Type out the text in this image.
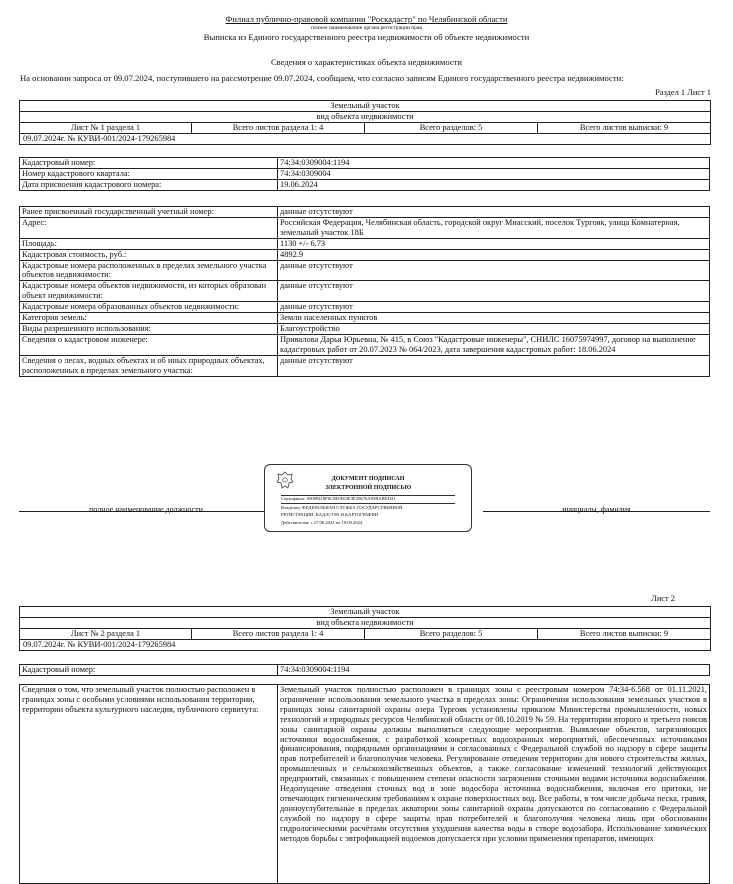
Филиал публично-правовой компании "Роскадастр" по Челябинской области
полное наименование органа регистрации прав
Выписка из Единого государственного реестра недвижимости об объекте недвижимости
Сведения о характеристиках объекта недвижимости
На основании запроса от 09.07.2024, поступившего на рассмотрение 09.07.2024, сообщаем, что согласно записям Единого государственного реестра недвижимости:
Раздел 1 Лист 1
Земельный участок
вид объекта недвижимости
Лист № 1 раздела 1	Всего листов раздела 1: 4	Всего разделов: 5	Всего листов выписки: 9
09.07.2024г. № КУВИ-001/2024-179265984
Кадастровый номер:	74:34:0309004:1194
Номер кадастрового квартала:	74:34:0309004
Дата присвоения кадастрового номера:	19.06.2024
Ранее присвоенный государственный учетный номер:	данные отсутствуют
Адрес:	Российская Федерация, Челябинская область, городской округ Миасский, поселок Тургояк, улица Комнатерная, земельный участок 18Б
Площадь:	1130 +/- 6.73
Кадастровая стоимость, руб.:	4892.9
Кадастровые номера расположенных в пределах земельного участка объектов недвижимости:	данные отсутствуют
Кадастровые номера объектов недвижимости, из которых образован объект недвижимости:	данные отсутствуют
Кадастровые номера образованных объектов недвижимости:	данные отсутствуют
Категория земель:	Земли населенных пунктов
Виды разрешенного использования:	Благоустройство
Сведения о кадастровом инженере:	Привалова Дарья Юрьевна, № 415, в Союз "Кадастровые инженеры", СНИЛС 16075974997, договор на выполнение кадастровых работ от 20.07.2023 № 064/2023, дата завершения кадастровых работ: 18.06.2024
Сведения о лесах, водных объектах и об иных природных объектах, расположенных в пределах земельного участка:	данные отсутствуют
полное наименование должности	инициалы, фамилия
ДОКУМЕНТ ПОДПИСАН
ЭЛЕКТРОННОЙ ПОДПИСЬЮ
Сертификат: 00008418F6C8E0E63E3E39676A85BABED41
Владелец: ФЕДЕРАЛЬНАЯ СЛУЖБА ГОСУДАРСТВЕННОЙ
РЕГИСТРАЦИИ, КАДАСТРА И КАРТОГРАФИИ
Действителен: с 27.06.2023 по 19.09.2024
Лист 2
Земельный участок
вид объекта недвижимости
Лист № 2 раздела 1	Всего листов раздела 1: 4	Всего разделов: 5	Всего листов выписки: 9
09.07.2024г. № КУВИ-001/2024-179265984
Кадастровый номер:	74:34:0309004:1194
Сведения о том, что земельный участок полностью расположен в границах зоны с особыми условиями использования территории, территории объекта культурного наследия, публичного сервитута:	Земельный участок полностью расположен в границах зоны с реестровым номером 74:34-6.568 от 01.11.2021, ограничение использования земельного участка в пределах зоны: Ограничения использования земельных участков в границах зоны санитарной охраны озера Тургояк установлены приказом Министерства промышленности, новых технологий и природных ресурсов Челябинской области от 08.10.2019 № 59. На территории второго и третьего поясов зоны санитарной охраны должны выполняться следующие мероприятия. Выявление объектов, загрязняющих источники водоснабжения, с разработкой конкретных водоохранных мероприятий, обеспеченных источниками финансирования, подрядными организациями и согласованных с Федеральной службой по надзору в сфере защиты прав потребителей и благополучия человека. Регулирование отведения территории для нового строительства жилых, промышленных и сельскохозяйственных объектов, а также согласование изменений технологий действующих предприятий, связанных с повышением степени опасности загрязнения сточными водами источника водоснабжения. Недопущение отведения сточных вод в зоне водосбора источника водоснабжения, включая его притоки, не отвечающих гигиеническим требованиям к охране поверхностных вод. Все работы, в том числе добыча песка, гравия, донноуглубительные в пределах акватории зоны санитарной охраны допускаются по согласованию с Федеральной службой по надзору в сфере защиты прав потребителей и благополучия человека лишь при обосновании гидрологическими расчётами отсутствия ухудшения качества воды в створе водозабора. Использование химических методов борьбы с эвтрофикацией водоемов допускается при условии применения препаратов, имеющих
